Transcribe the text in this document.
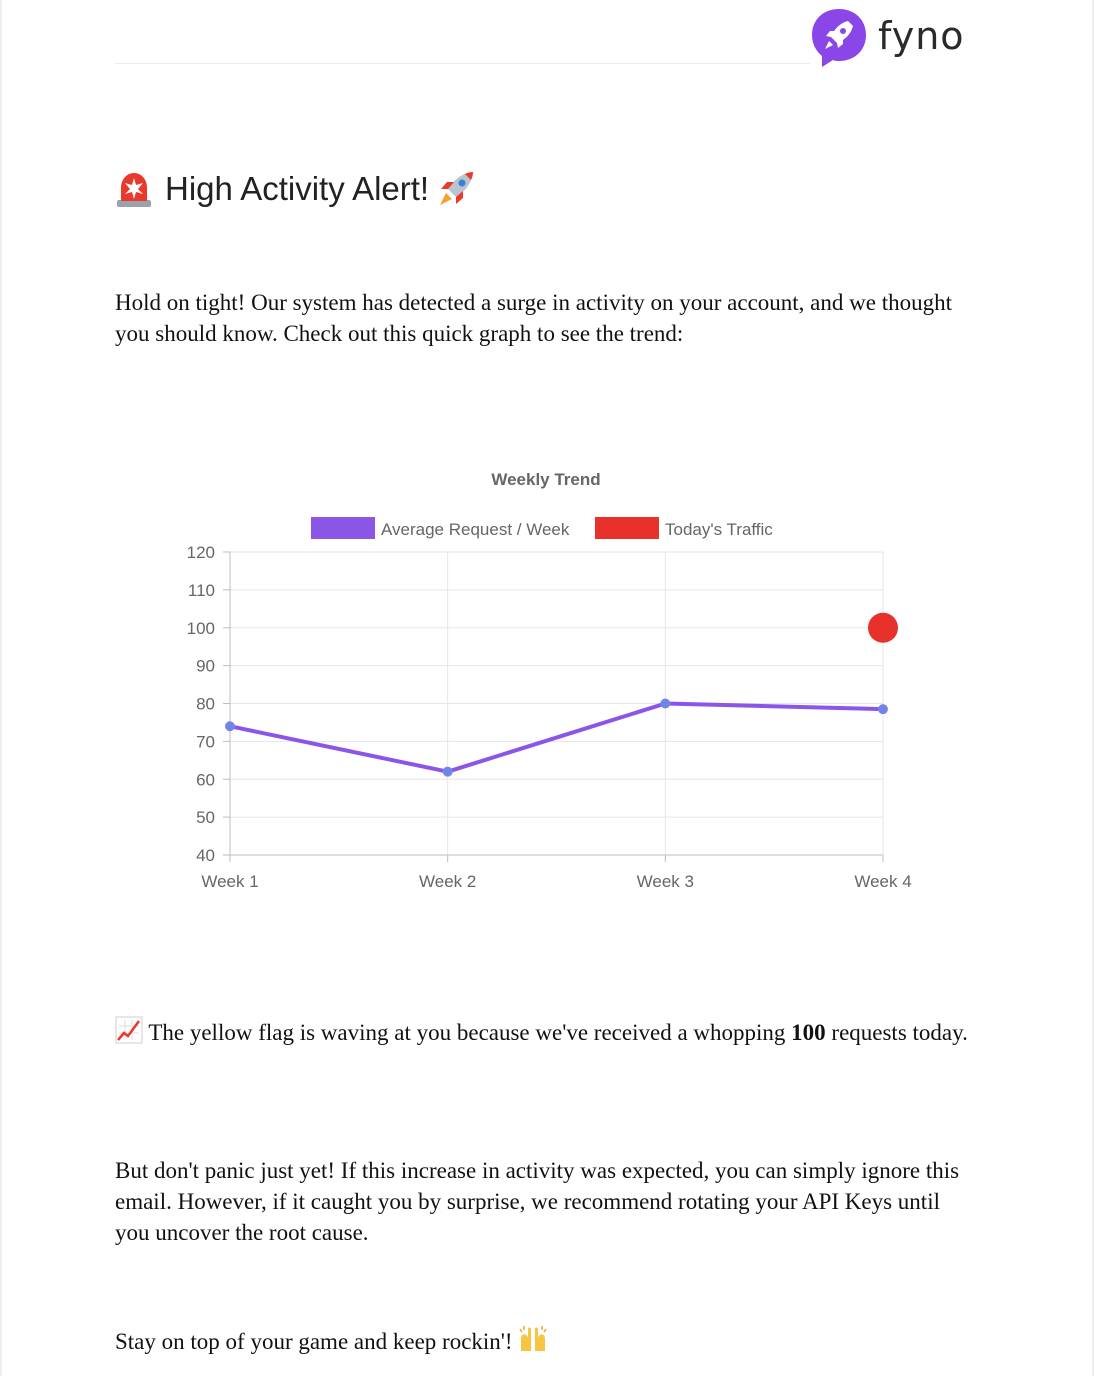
fyno
High Activity Alert!

Hold on tight! Our system has detected a surge in activity on your account, and we thought you should know. Check out this quick graph to see the trend:

Weekly Trend
Average Request / Week	Today's Traffic
40
50
60
70
80
90
100
110
120
Week 1	Week 2	Week 3	Week 4

The yellow flag is waving at you because we've received a whopping 100 requests today.

But don't panic just yet! If this increase in activity was expected, you can simply ignore this email. However, if it caught you by surprise, we recommend rotating your API Keys until you uncover the root cause.

Stay on top of your game and keep rockin'!
